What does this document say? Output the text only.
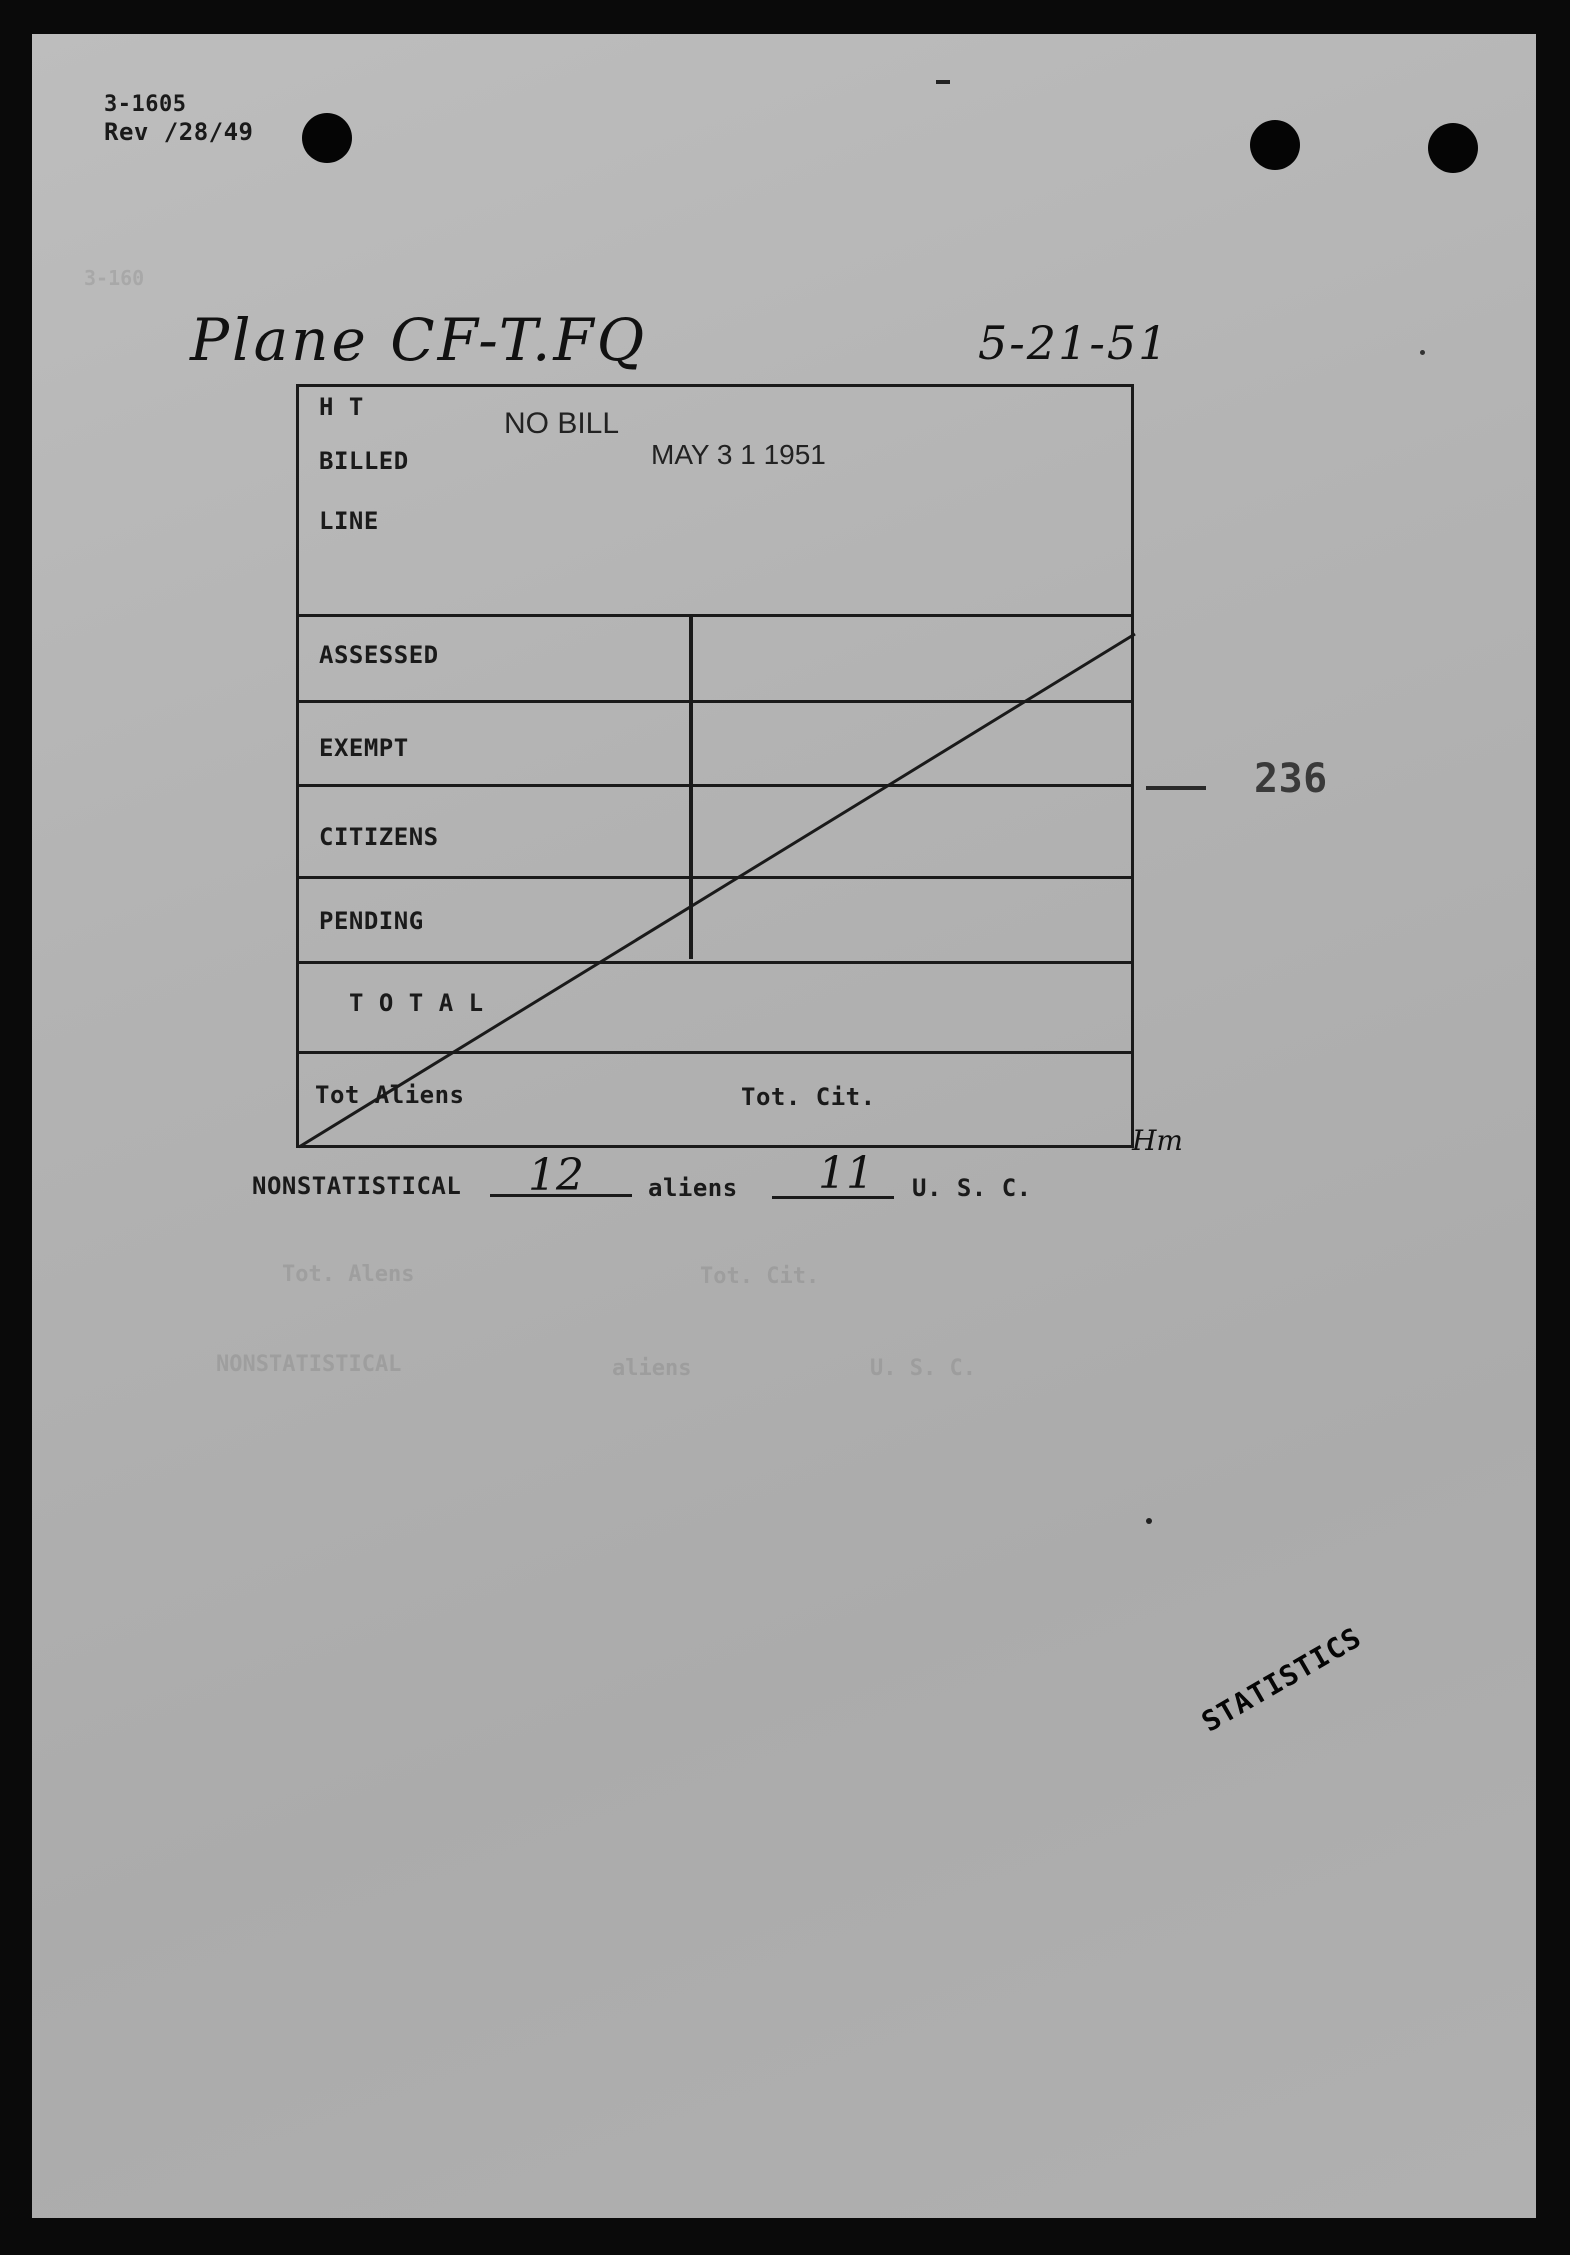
3-1605
Rev /28/49
3-160
Plane CF-T.FQ	5-21-51
H T
BILLED
LINE
NO BILL
MAY 3 1 1951
ASSESSED
EXEMPT
CITIZENS
PENDING
T O T A L
Tot Aliens	Tot. Cit.
236
Hm
NONSTATISTICAL 12	aliens 11 U. S. C.
Tot. Alens	Tot. Cit.
NONSTATISTICAL	aliens	U. S. C.
STATISTICS
